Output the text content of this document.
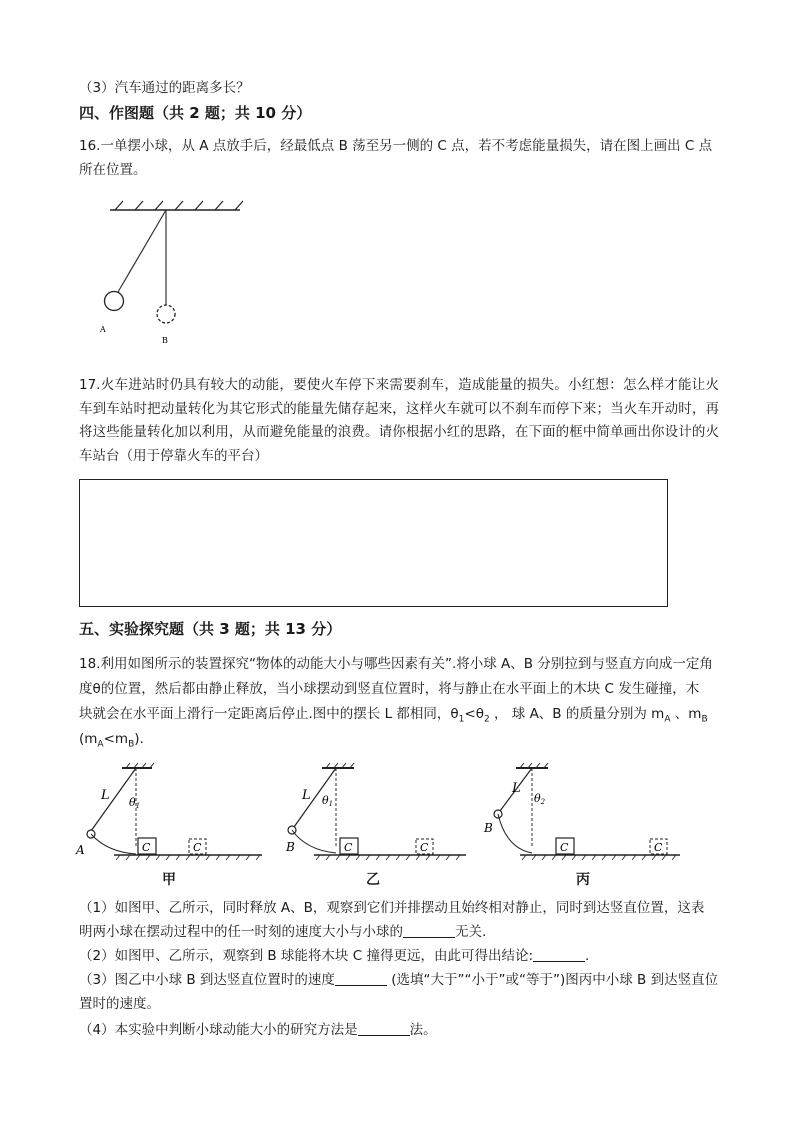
（3）汽车通过的距离多长？
四、作图题（共 2 题；共 10 分）
16.一单摆小球，从 A 点放手后，经最低点 B 荡至另一侧的 C 点，若不考虑能量损失，请在图上画出 C 点
所在位置。
A
B
17.火车进站时仍具有较大的动能，要使火车停下来需要刹车，造成能量的损失。小红想：怎么样才能让火车到车站时把动量转化为其它形式的能量先储存起来，这样火车就可以不刹车而停下来；当火车开动时，再将这些能量转化加以利用，从而避免能量的浪费。请你根据小红的思路，在下面的框中简单画出你设计的火车站台（用于停靠火车的平台）
五、实验探究题（共 3 题；共 13 分）
18.利用如图所示的装置探究“物体的动能大小与哪些因素有关”.将小球 A、B 分别拉到与竖直方向成一定角
度θ的位置，然后都由静止释放，当小球摆动到竖直位置时，将与静止在水平面上的木块 C 发生碰撞，木
块就会在水平面上滑行一定距离后停止.图中的摆长 L 都相同，$\theta_1<\theta_2$ ， 球 A、B 的质量分别为 $m_A$ 、$m_B$
$(m_A<m_B)$.
L θ1
A	C	C
甲
L θ1
B	C	C
乙
L
θ2
B
C	C
丙
（1）如图甲、乙所示，同时释放 A、B，观察到它们并排摆动且始终相对静止，同时到达竖直位置，这表
明两小球在摆动过程中的任一时刻的速度大小与小球的	无关.
（2）如图甲、乙所示，观察到 B 球能将木块 C 撞得更远，由此可得出结论:	.
（3）图乙中小球 B 到达竖直位置时的速度	(选填“大于”“小于”或“等于”)图丙中小球 B 到达竖直位
置时的速度。
（4）本实验中判断小球动能大小的研究方法是	法。
